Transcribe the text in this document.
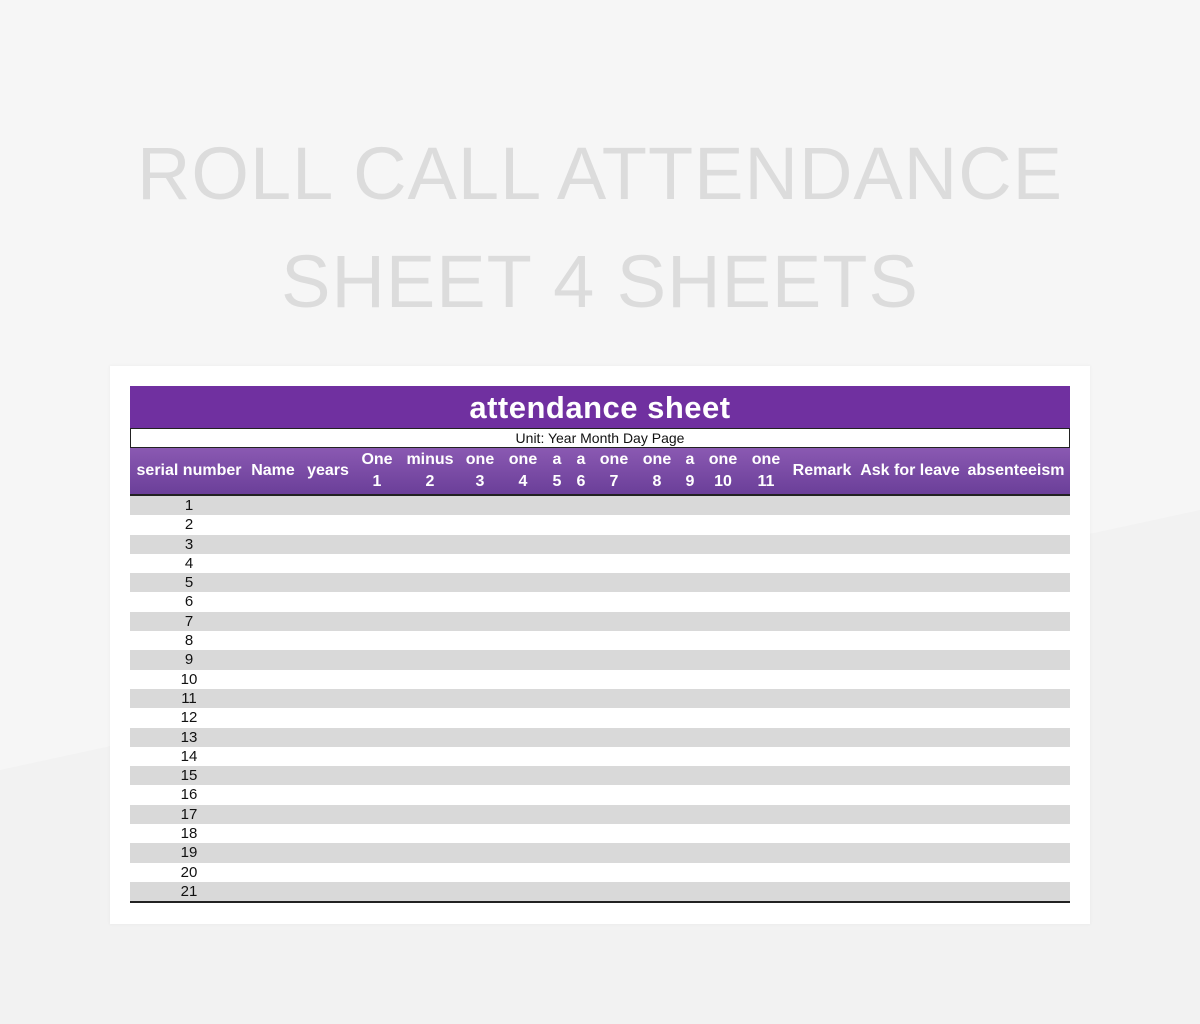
ROLL CALL ATTENDANCE
SHEET 4 SHEETS
attendance sheet
Unit: Year Month Day Page
serial number Name years
One
1
minus
2
one
3
one
4
a
5
a
6
one
7
one
8
a
9
one
10
one
11
Remark Ask for leave absenteeism
1
2
3
4
5
6
7
8
9
10
11
12
13
14
15
16
17
18
19
20
21
